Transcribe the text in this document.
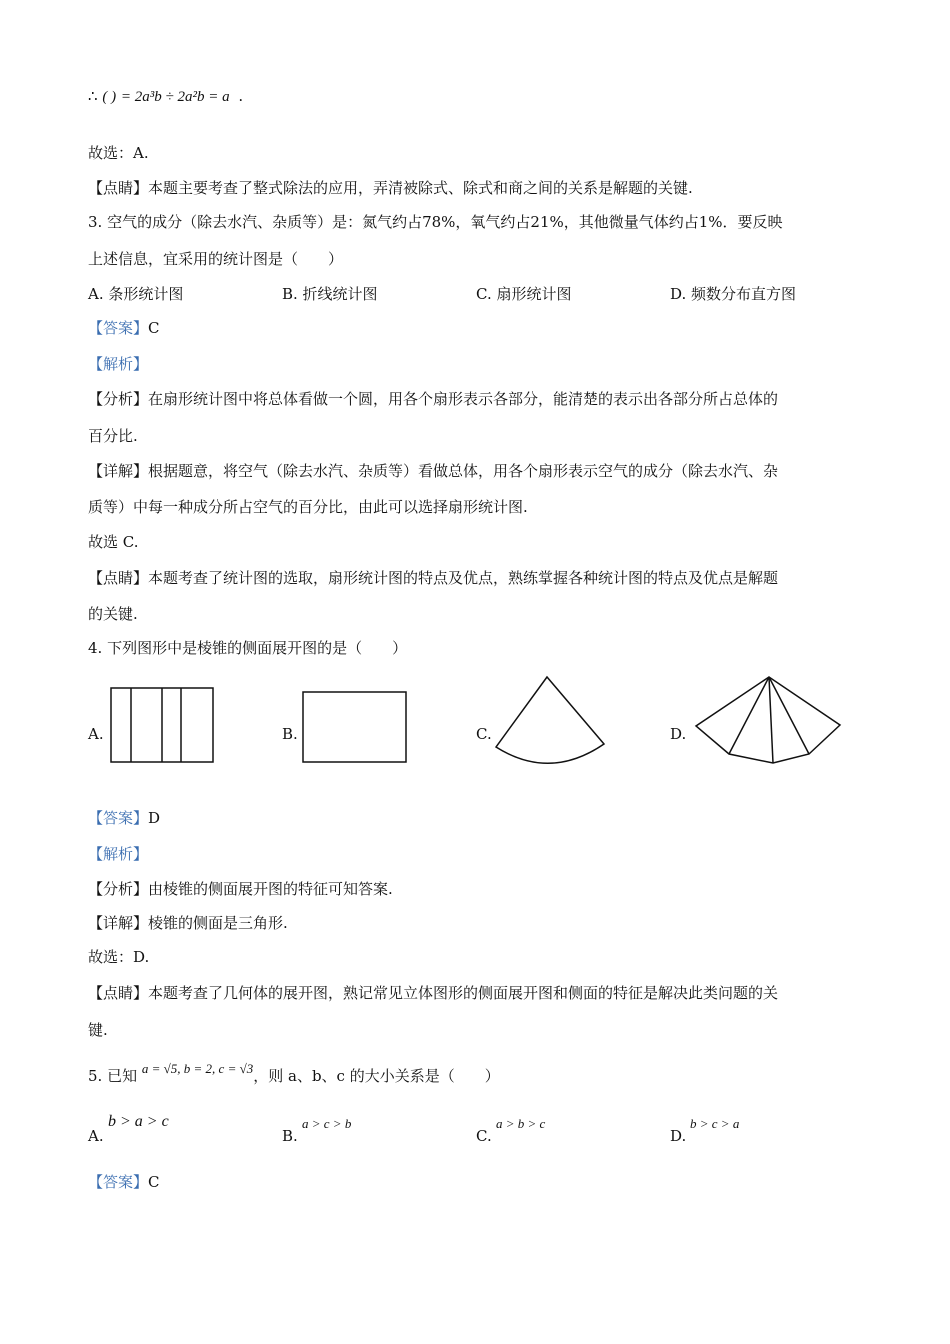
∴ ( ) = 2a³b ÷ 2a²b = a .
故选：A.
【点睛】本题主要考查了整式除法的应用，弄清被除式、除式和商之间的关系是解题的关键.
3. 空气的成分（除去水汽、杂质等）是：氮气约占78%，氧气约占21%，其他微量气体约占1%．要反映
上述信息，宜采用的统计图是（　　）
A. 条形统计图	B. 折线统计图	C. 扇形统计图	D. 频数分布直方图
【答案】C
【解析】
【分析】在扇形统计图中将总体看做一个圆，用各个扇形表示各部分，能清楚的表示出各部分所占总体的
百分比.
【详解】根据题意，将空气（除去水汽、杂质等）看做总体，用各个扇形表示空气的成分（除去水汽、杂
质等）中每一种成分所占空气的百分比，由此可以选择扇形统计图.
故选 C.
【点睛】本题考查了统计图的选取，扇形统计图的特点及优点，熟练掌握各种统计图的特点及优点是解题
的关键.
4. 下列图形中是棱锥的侧面展开图的是（　　）
A.	B.	C.	D.
【答案】D
【解析】
【分析】由棱锥的侧面展开图的特征可知答案.
【详解】棱锥的侧面是三角形.
故选：D.
【点睛】本题考查了几何体的展开图，熟记常见立体图形的侧面展开图和侧面的特征是解决此类问题的关
键.
5. 已知 a = √5, b = 2, c = √3，则 a、b、c 的大小关系是（　　）
A.
b > a > c
B.
a > c > b
C.
a > b > c
D.
b > c > a
【答案】C
